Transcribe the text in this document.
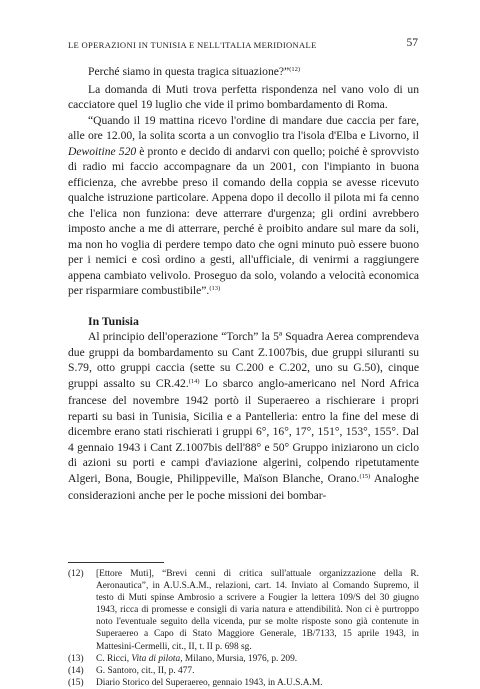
LE OPERAZIONI IN TUNISIA E NELL'ITALIA MERIDIONALE	57

Perché siamo in questa tragica situazione?”$^{(12)}$

La domanda di Muti trova perfetta rispondenza nel vano volo di un cacciatore quel 19 luglio che vide il primo bombardamento di Roma.

“Quando il 19 mattina ricevo l'ordine di mandare due caccia per fare, alle ore 12.00, la solita scorta a un convoglio tra l'isola d'Elba e Livorno, il Dewoitine 520 è pronto e decido di andarvi con quello; poiché è sprovvisto di radio mi faccio accompagnare da un 2001, con l'impianto in buona efficienza, che avrebbe preso il comando della coppia se avesse ricevuto qualche istruzione particolare. Appena dopo il decollo il pilota mi fa cenno che l'elica non funziona: deve atterrare d'urgenza; gli ordini avrebbero imposto anche a me di atterrare, perché è proibito andare sul mare da soli, ma non ho voglia di perdere tempo dato che ogni minuto può essere buono per i nemici e così ordino a gesti, all'ufficiale, di venirmi a raggiungere appena cambiato velivolo. Proseguo da solo, volando a velocità economica per risparmiare combustibile”.$^{(13)}$

In Tunisia

Al principio dell'operazione “Torch” la 5ª Squadra Aerea comprendeva due gruppi da bombardamento su Cant Z.1007bis, due gruppi siluranti su S.79, otto gruppi caccia (sette su C.200 e C.202, uno su G.50), cinque gruppi assalto su CR.42.$^{(14)}$ Lo sbarco anglo-americano nel Nord Africa francese del novembre 1942 portò il Superaereo a rischierare i propri reparti su basi in Tunisia, Sicilia e a Pantelleria: entro la fine del mese di dicembre erano stati rischierati i gruppi 6°, 16°, 17°, 151°, 153°, 155°. Dal 4 gennaio 1943 i Cant Z.1007bis dell'88° e 50° Gruppo iniziarono un ciclo di azioni su porti e campi d'aviazione algerini, colpendo ripetutamente Algeri, Bona, Bougie, Philippeville, Maïson Blanche, Orano.$^{(15)}$ Analoghe considerazioni anche per le poche missioni dei bombar-

(12)	[Ettore Muti], “Brevi cenni di critica sull'attuale organizzazione della R. Aeronautica”, in A.U.S.A.M., relazioni, cart. 14. Inviato al Comando Supremo, il testo di Muti spinse Ambrosio a scrivere a Fougier la lettera 109/S del 30 giugno 1943, ricca di promesse e consigli di varia natura e attendibilità. Non ci è purtroppo noto l'eventuale seguito della vicenda, pur se molte risposte sono già contenute in Superaereo a Capo di Stato Maggiore Generale, 1B/7133, 15 aprile 1943, in Mattesini-Cermelli, cit., II, t. II p. 698 sg.
(13)	C. Ricci, Vita di pilota, Milano, Mursia, 1976, p. 209.
(14)	G. Santoro, cit., II, p. 477.
(15)	Diario Storico del Superaereo, gennaio 1943, in A.U.S.A.M.
